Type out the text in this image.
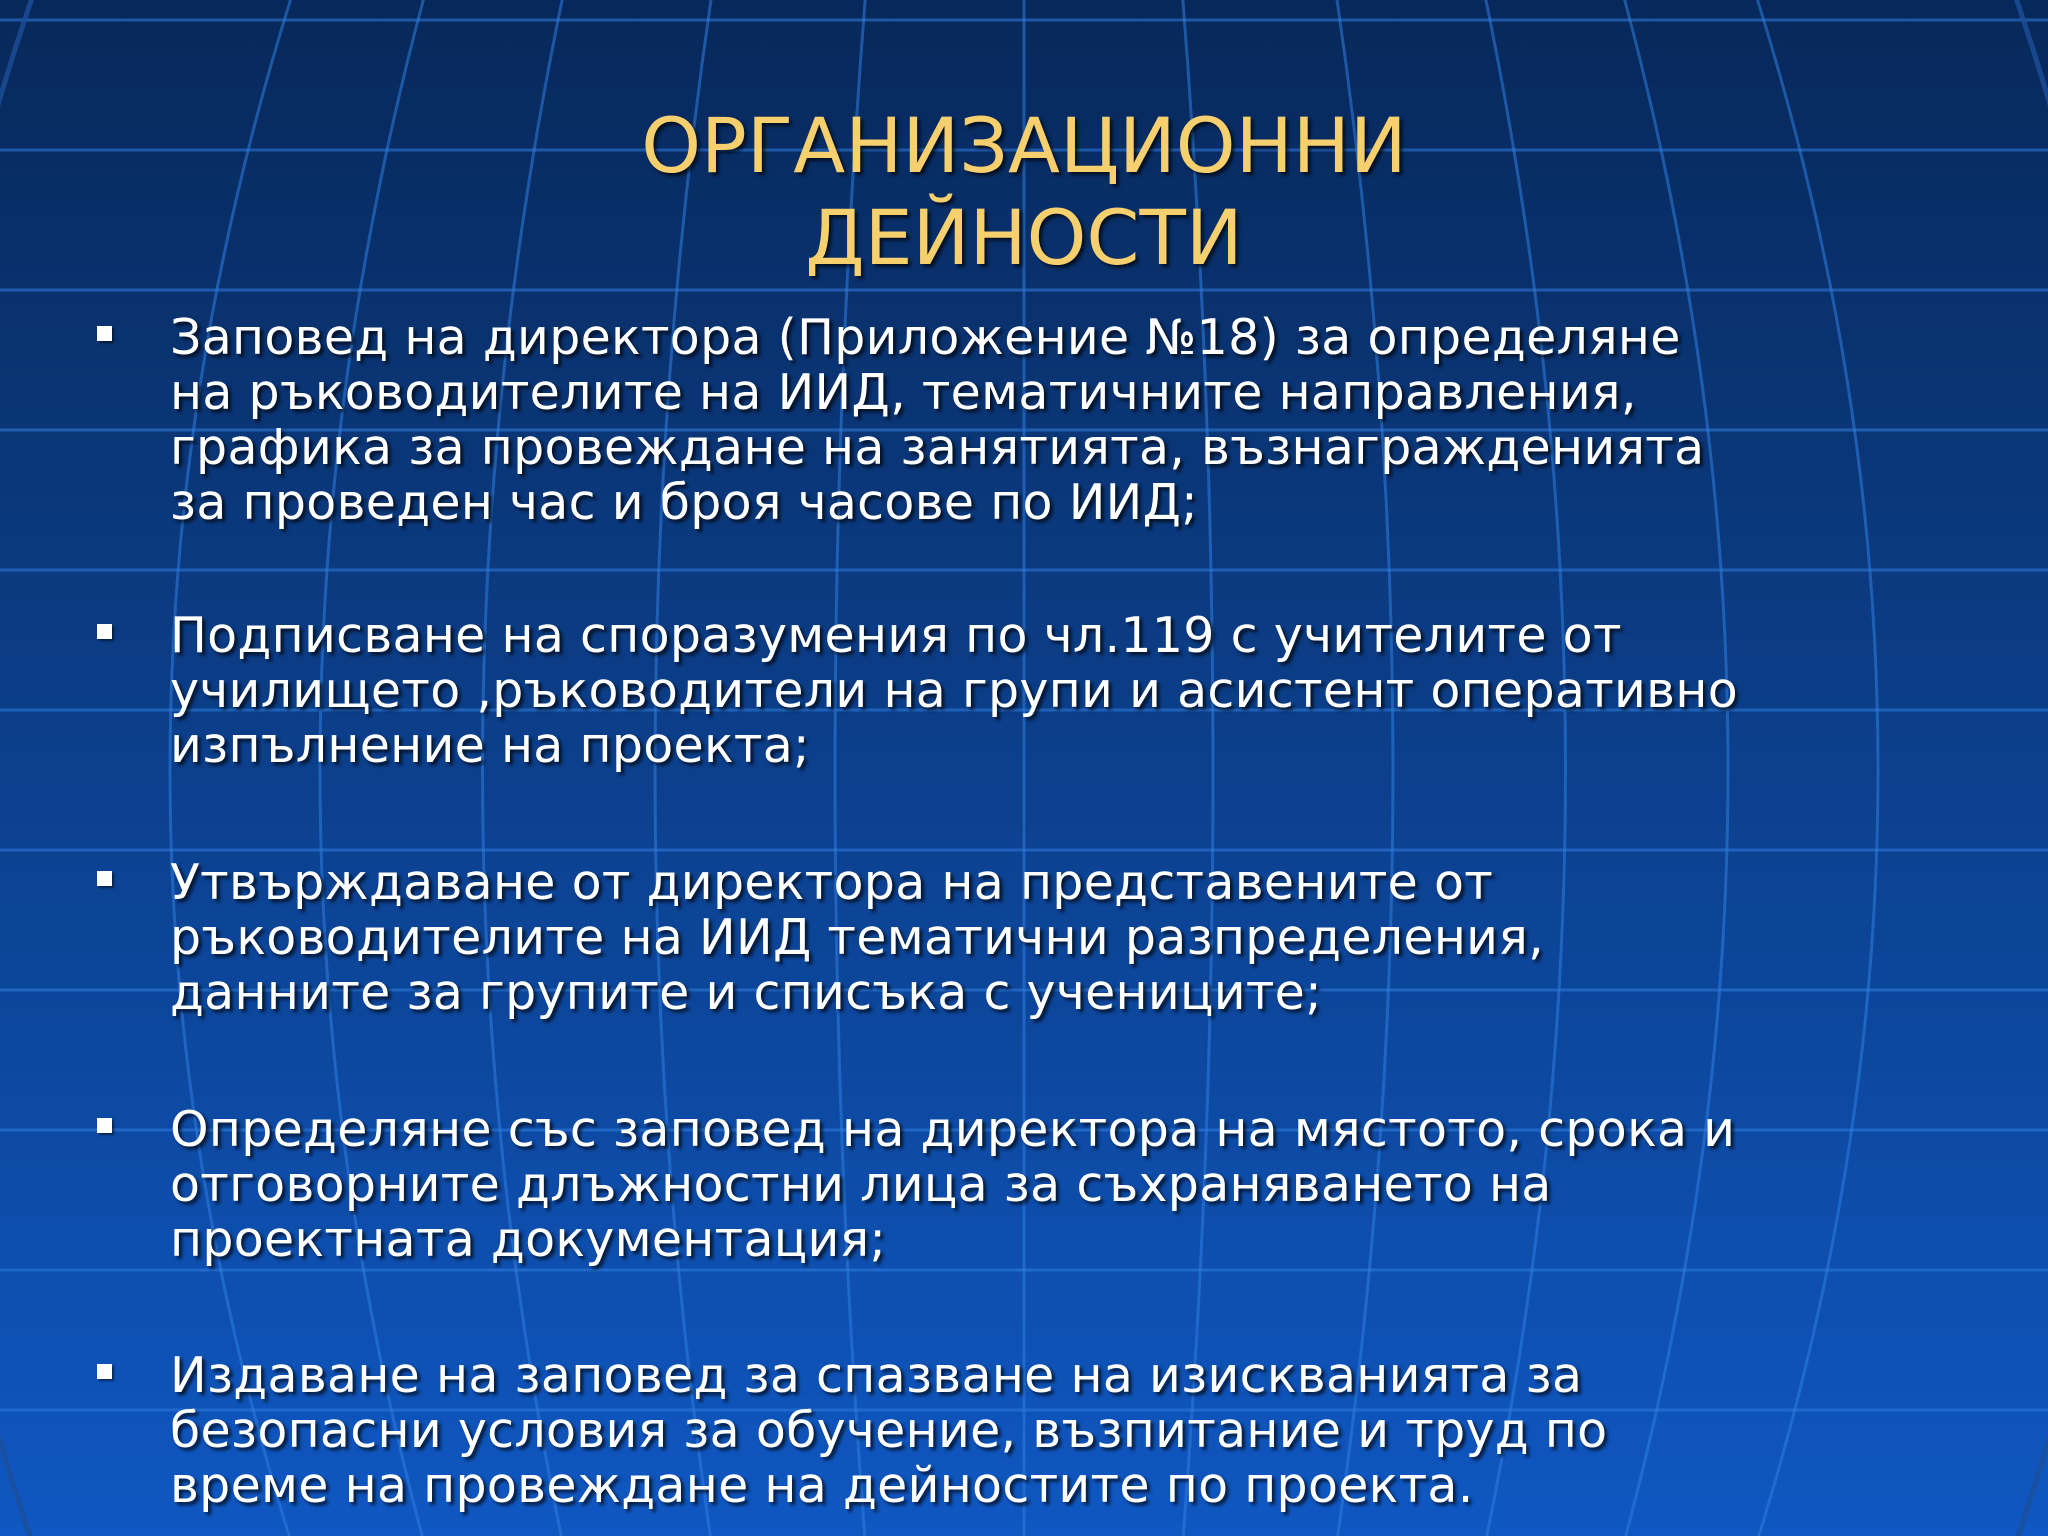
ОРГАНИЗАЦИОННИ
ДЕЙНОСТИ

Заповед на директора (Приложение №18) за определяне
на ръководителите на ИИД, тематичните направления,
графика за провеждане на занятията, възнагражденията
за проведен час и броя часове по ИИД;

Подписване на споразумения по чл.119 с учителите от
училището ,ръководители на групи и асистент оперативно
изпълнение на проекта;

Утвърждаване от директора на представените от
ръководителите на ИИД тематични разпределения,
данните за групите и списъка с учениците;

Определяне със заповед на директора на мястото, срока и
отговорните длъжностни лица за съхраняването на
проектната документация;

Издаване на заповед за спазване на изискванията за
безопасни условия за обучение, възпитание и труд по
време на провеждане на дейностите по проекта.
